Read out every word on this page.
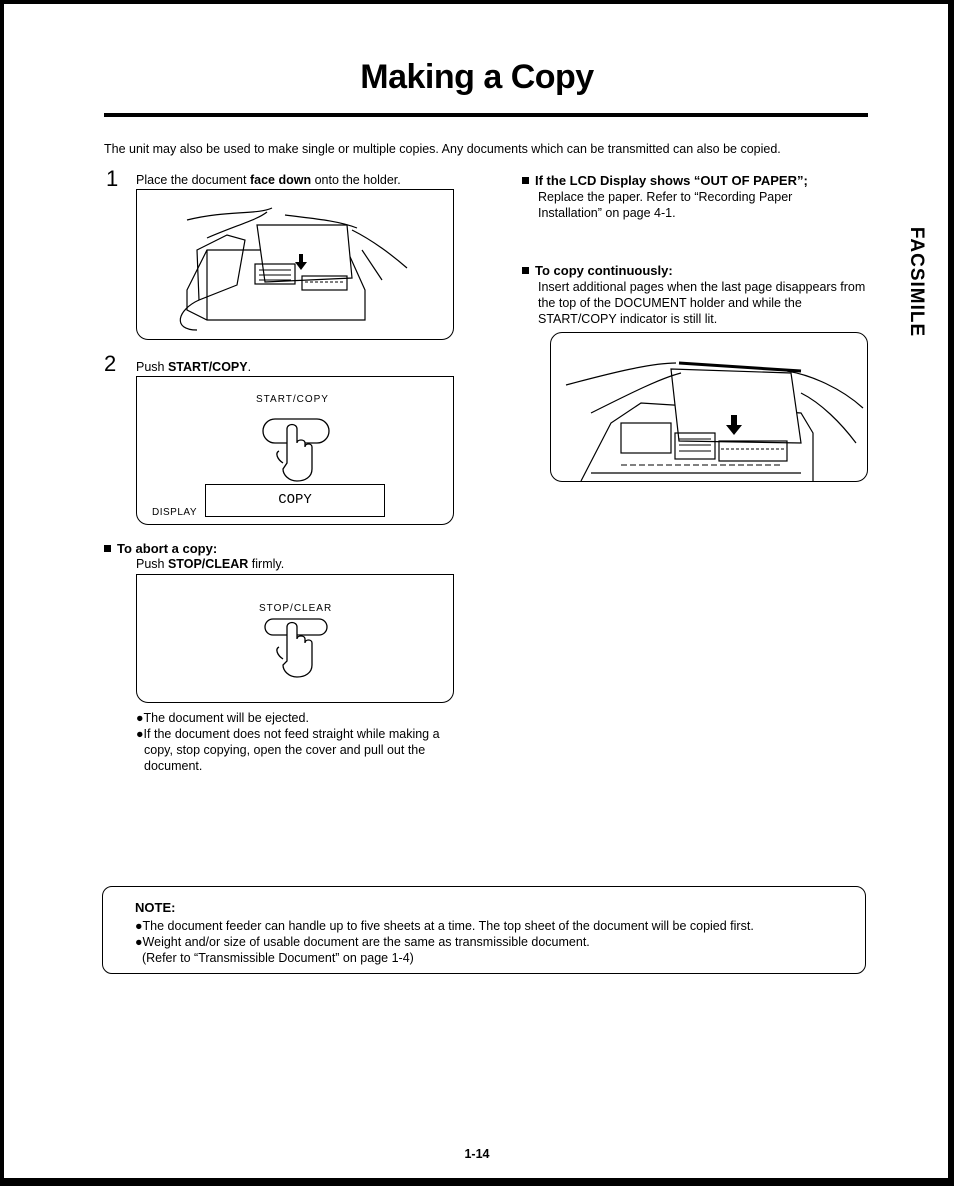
Making a Copy
The unit may also be used to make single or multiple copies. Any documents which can be transmitted can also be copied.
1 Place the document face down onto the holder.
2 Push START/COPY.
START/COPY
DISPLAY
COPY
To abort a copy:
Push STOP/CLEAR firmly.
STOP/CLEAR
●The document will be ejected.
●If the document does not feed straight while making a copy, stop copying, open the cover and pull out the document.
If the LCD Display shows “OUT OF PAPER”;
Replace the paper. Refer to “Recording Paper Installation” on page 4-1.
To copy continuously:
Insert additional pages when the last page disappears from the top of the DOCUMENT holder and while the START/COPY indicator is still lit.	FACSIMILE
NOTE:
●The document feeder can handle up to five sheets at a time. The top sheet of the document will be copied first.
●Weight and/or size of usable document are the same as transmissible document.
(Refer to “Transmissible Document” on page 1-4)
1-14
